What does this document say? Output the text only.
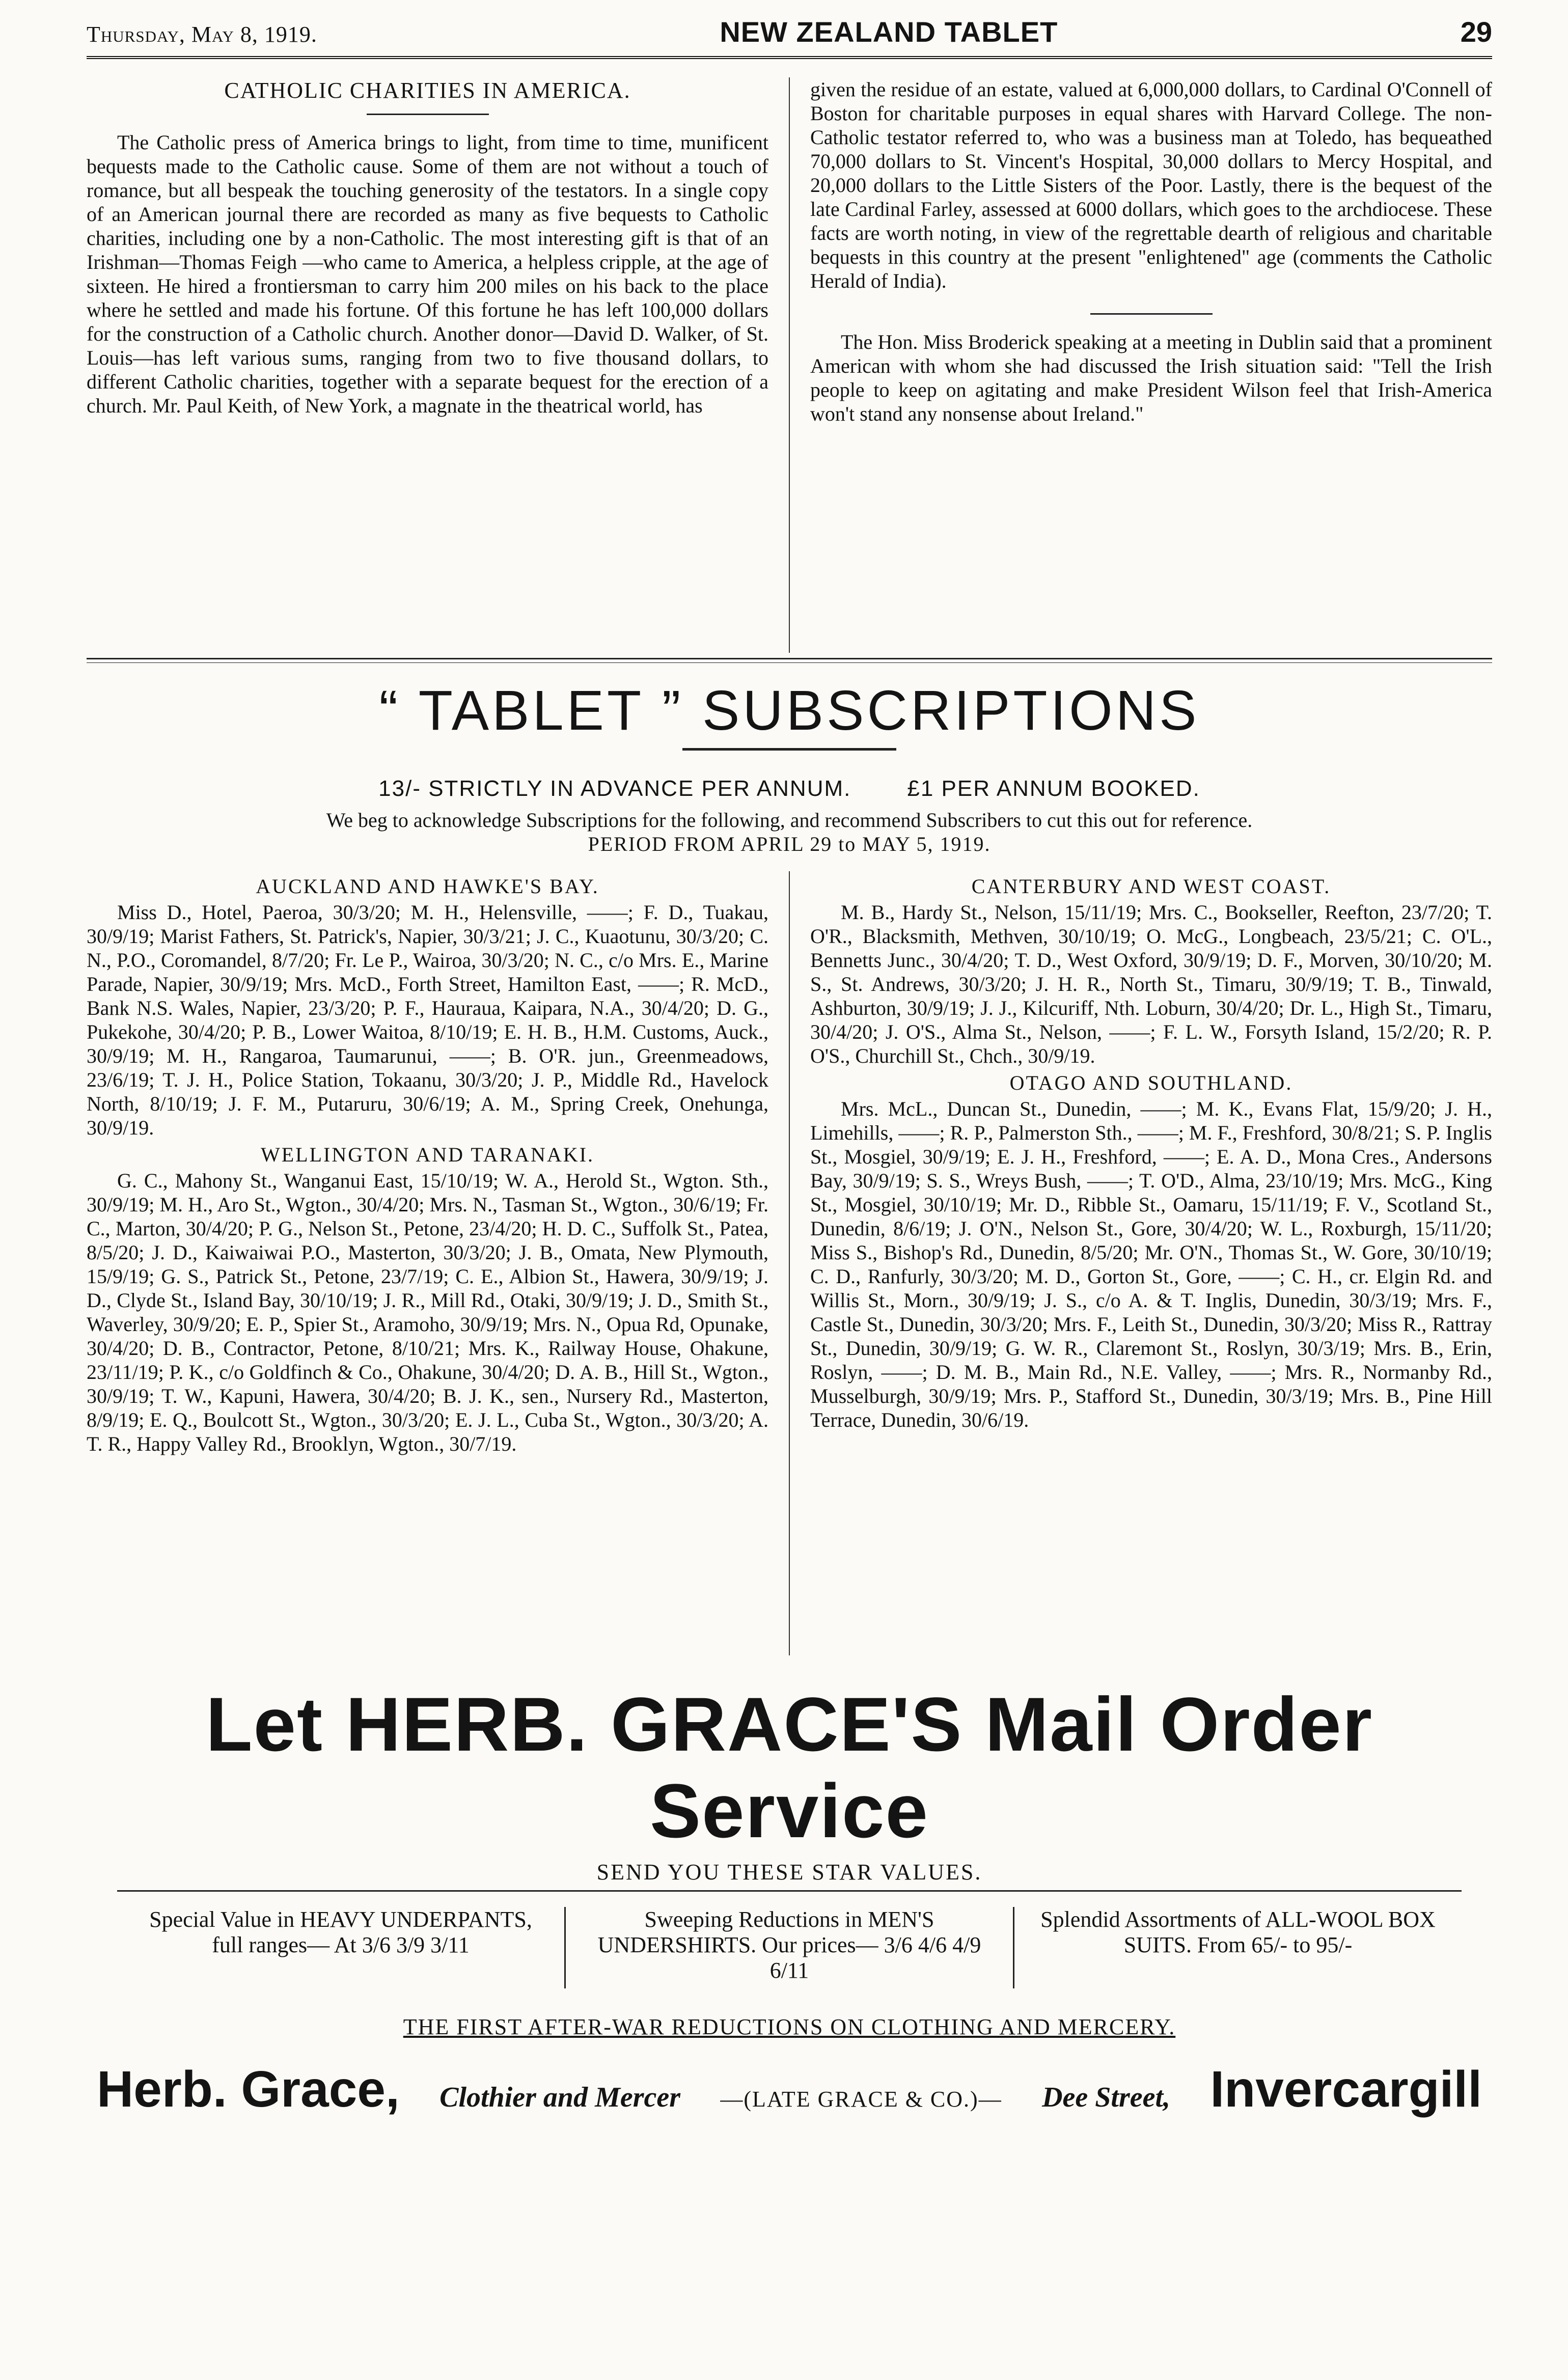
Thursday, May 8, 1919.	NEW ZEALAND TABLET	29
CATHOLIC CHARITIES IN AMERICA.

The Catholic press of America brings to light, from time to time, munificent bequests made to the Catholic cause. Some of them are not without a touch of romance, but all bespeak the touching generosity of the testators. In a single copy of an American journal there are recorded as many as five bequests to Catholic charities, including one by a non-Catholic. The most interesting gift is that of an Irishman—Thomas Feigh —who came to America, a helpless cripple, at the age of sixteen. He hired a frontiersman to carry him 200 miles on his back to the place where he settled and made his fortune. Of this fortune he has left 100,000 dollars for the construction of a Catholic church. Another donor—David D. Walker, of St. Louis—has left various sums, ranging from two to five thousand dollars, to different Catholic charities, together with a separate bequest for the erection of a church. Mr. Paul Keith, of New York, a magnate in the theatrical world, has

given the residue of an estate, valued at 6,000,000 dollars, to Cardinal O'Connell of Boston for charitable purposes in equal shares with Harvard College. The non-Catholic testator referred to, who was a business man at Toledo, has bequeathed 70,000 dollars to St. Vincent's Hospital, 30,000 dollars to Mercy Hospital, and 20,000 dollars to the Little Sisters of the Poor. Lastly, there is the bequest of the late Cardinal Farley, assessed at 6000 dollars, which goes to the archdiocese. These facts are worth noting, in view of the regrettable dearth of religious and charitable bequests in this country at the present "enlightened" age (comments the Catholic Herald of India).

The Hon. Miss Broderick speaking at a meeting in Dublin said that a prominent American with whom she had discussed the Irish situation said: "Tell the Irish people to keep on agitating and make President Wilson feel that Irish-America won't stand any nonsense about Ireland."

“ TABLET ” SUBSCRIPTIONS
13/- STRICTLY IN ADVANCE PER ANNUM.	£1 PER ANNUM BOOKED.
We beg to acknowledge Subscriptions for the following, and recommend Subscribers to cut this out for reference.
PERIOD FROM APRIL 29 to MAY 5, 1919.
AUCKLAND AND HAWKE'S BAY.

Miss D., Hotel, Paeroa, 30/3/20; M. H., Helensville, ——; F. D., Tuakau, 30/9/19; Marist Fathers, St. Patrick's, Napier, 30/3/21; J. C., Kuaotunu, 30/3/20; C. N., P.O., Coromandel, 8/7/20; Fr. Le P., Wairoa, 30/3/20; N. C., c/o Mrs. E., Marine Parade, Napier, 30/9/19; Mrs. McD., Forth Street, Hamilton East, ——; R. McD., Bank N.S. Wales, Napier, 23/3/20; P. F., Hauraua, Kaipara, N.A., 30/4/20; D. G., Pukekohe, 30/4/20; P. B., Lower Waitoa, 8/10/19; E. H. B., H.M. Customs, Auck., 30/9/19; M. H., Rangaroa, Taumarunui, ——; B. O'R. jun., Greenmeadows, 23/6/19; T. J. H., Police Station, Tokaanu, 30/3/20; J. P., Middle Rd., Havelock North, 8/10/19; J. F. M., Putaruru, 30/6/19; A. M., Spring Creek, Onehunga, 30/9/19.

WELLINGTON AND TARANAKI.

G. C., Mahony St., Wanganui East, 15/10/19; W. A., Herold St., Wgton. Sth., 30/9/19; M. H., Aro St., Wgton., 30/4/20; Mrs. N., Tasman St., Wgton., 30/6/19; Fr. C., Marton, 30/4/20; P. G., Nelson St., Petone, 23/4/20; H. D. C., Suffolk St., Patea, 8/5/20; J. D., Kaiwaiwai P.O., Masterton, 30/3/20; J. B., Omata, New Plymouth, 15/9/19; G. S., Patrick St., Petone, 23/7/19; C. E., Albion St., Hawera, 30/9/19; J. D., Clyde St., Island Bay, 30/10/19; J. R., Mill Rd., Otaki, 30/9/19; J. D., Smith St., Waverley, 30/9/20; E. P., Spier St., Aramoho, 30/9/19; Mrs. N., Opua Rd, Opunake, 30/4/20; D. B., Contractor, Petone, 8/10/21; Mrs. K., Railway House, Ohakune, 23/11/19; P. K., c/o Goldfinch & Co., Ohakune, 30/4/20; D. A. B., Hill St., Wgton., 30/9/19; T. W., Kapuni, Hawera, 30/4/20; B. J. K., sen., Nursery Rd., Masterton, 8/9/19; E. Q., Boulcott St., Wgton., 30/3/20; E. J. L., Cuba St., Wgton., 30/3/20; A. T. R., Happy Valley Rd., Brooklyn, Wgton., 30/7/19.

CANTERBURY AND WEST COAST.

M. B., Hardy St., Nelson, 15/11/19; Mrs. C., Bookseller, Reefton, 23/7/20; T. O'R., Blacksmith, Methven, 30/10/19; O. McG., Longbeach, 23/5/21; C. O'L., Bennetts Junc., 30/4/20; T. D., West Oxford, 30/9/19; D. F., Morven, 30/10/20; M. S., St. Andrews, 30/3/20; J. H. R., North St., Timaru, 30/9/19; T. B., Tinwald, Ashburton, 30/9/19; J. J., Kilcuriff, Nth. Loburn, 30/4/20; Dr. L., High St., Timaru, 30/4/20; J. O'S., Alma St., Nelson, ——; F. L. W., Forsyth Island, 15/2/20; R. P. O'S., Churchill St., Chch., 30/9/19.

OTAGO AND SOUTHLAND.

Mrs. McL., Duncan St., Dunedin, ——; M. K., Evans Flat, 15/9/20; J. H., Limehills, ——; R. P., Palmerston Sth., ——; M. F., Freshford, 30/8/21; S. P. Inglis St., Mosgiel, 30/9/19; E. J. H., Freshford, ——; E. A. D., Mona Cres., Andersons Bay, 30/9/19; S. S., Wreys Bush, ——; T. O'D., Alma, 23/10/19; Mrs. McG., King St., Mosgiel, 30/10/19; Mr. D., Ribble St., Oamaru, 15/11/19; F. V., Scotland St., Dunedin, 8/6/19; J. O'N., Nelson St., Gore, 30/4/20; W. L., Roxburgh, 15/11/20; Miss S., Bishop's Rd., Dunedin, 8/5/20; Mr. O'N., Thomas St., W. Gore, 30/10/19; C. D., Ranfurly, 30/3/20; M. D., Gorton St., Gore, ——; C. H., cr. Elgin Rd. and Willis St., Morn., 30/9/19; J. S., c/o A. & T. Inglis, Dunedin, 30/3/19; Mrs. F., Castle St., Dunedin, 30/3/20; Mrs. F., Leith St., Dunedin, 30/3/20; Miss R., Rattray St., Dunedin, 30/9/19; G. W. R., Claremont St., Roslyn, 30/3/19; Mrs. B., Erin, Roslyn, ——; D. M. B., Main Rd., N.E. Valley, ——; Mrs. R., Normanby Rd., Musselburgh, 30/9/19; Mrs. P., Stafford St., Dunedin, 30/3/19; Mrs. B., Pine Hill Terrace, Dunedin, 30/6/19.

Let HERB. GRACE'S Mail Order Service
SEND YOU THESE STAR VALUES.
Special Value in HEAVY UNDERPANTS, full ranges— At 3/6 3/9 3/11
Sweeping Reductions in MEN'S UNDERSHIRTS. Our prices— 3/6 4/6 4/9 6/11
Splendid Assortments of ALL-WOOL BOX SUITS. From 65/- to 95/-
THE FIRST AFTER-WAR REDUCTIONS ON CLOTHING AND MERCERY.
Herb. Grace, Clothier and Mercer —(LATE GRACE & CO.)— Dee Street, Invercargill
